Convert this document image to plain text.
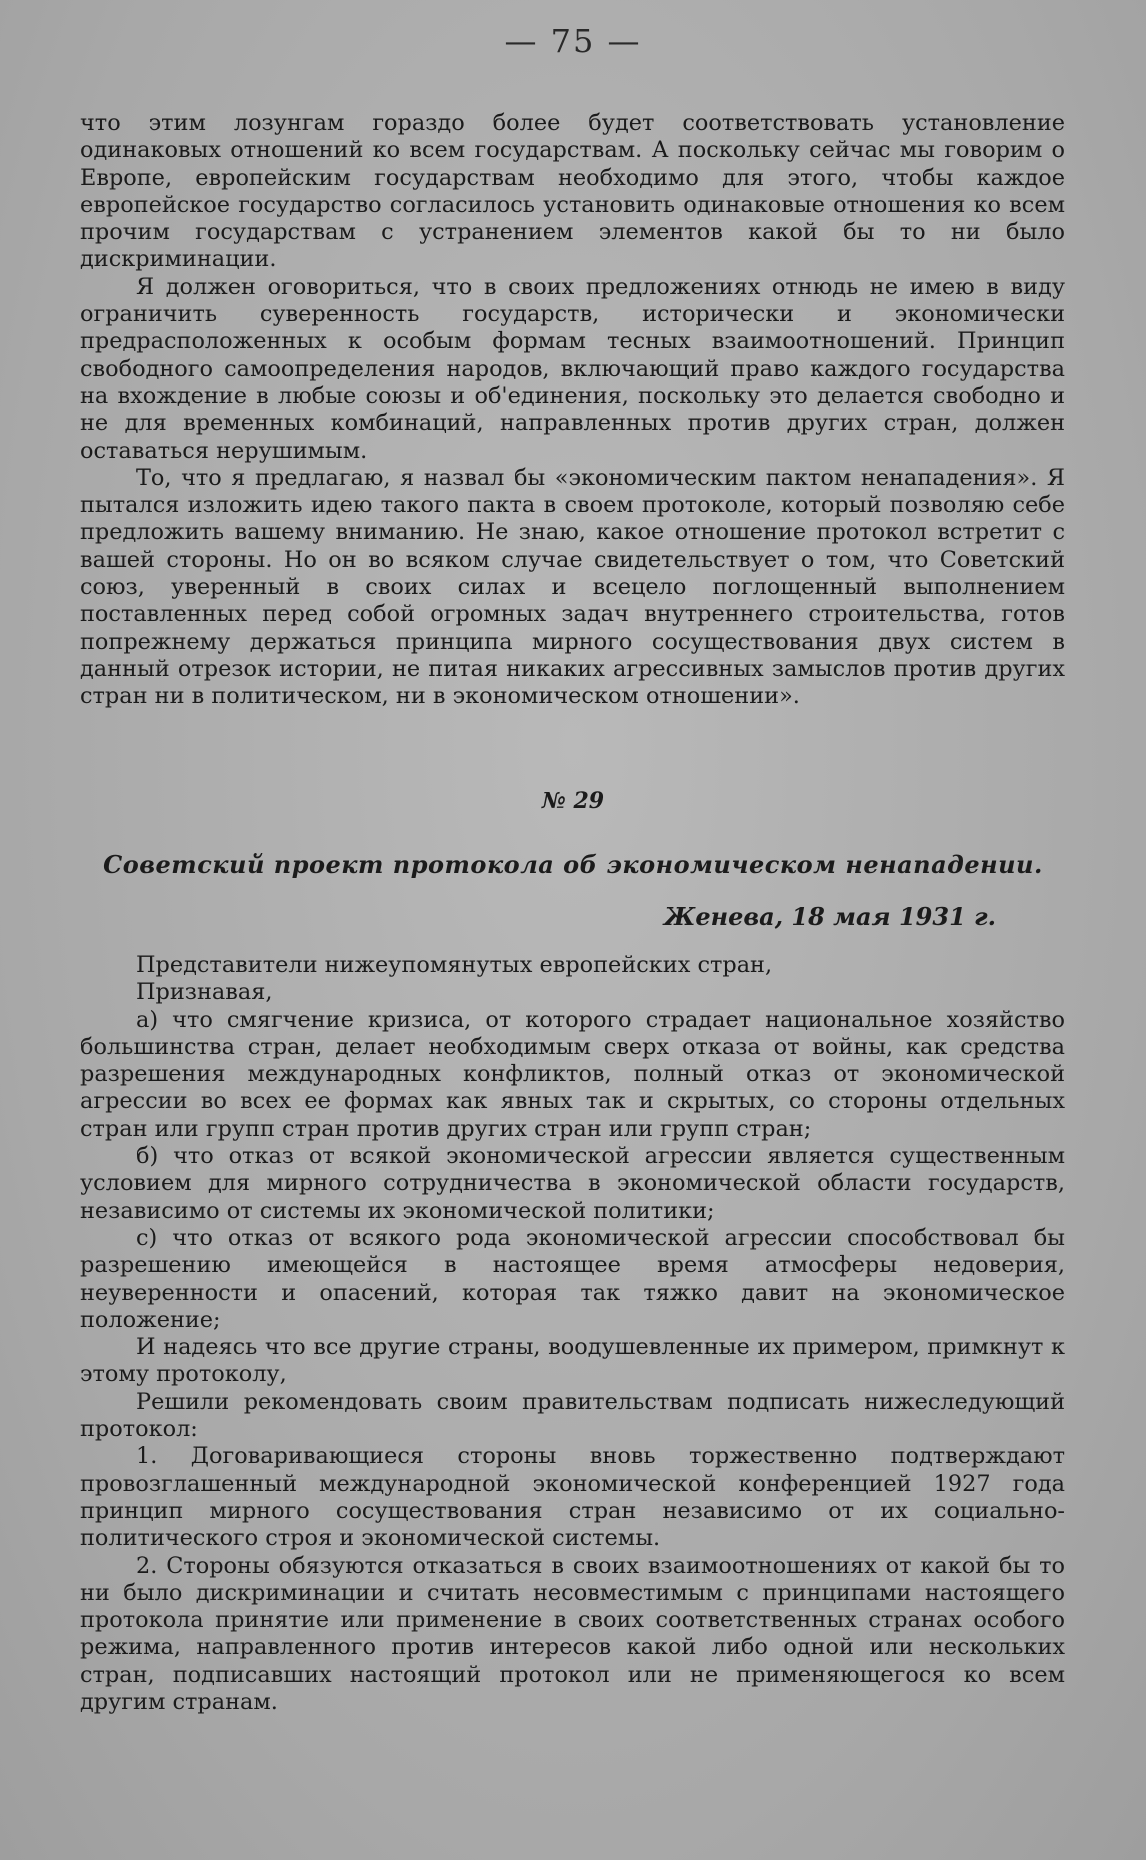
— 75 —

что этим лозунгам гораздо более будет соответствовать установление одинаковых отношений ко всем государствам. А поскольку сейчас мы говорим о Европе, европейским государствам необходимо для этого, чтобы каждое европейское государство согласилось установить одинаковые отношения ко всем прочим государствам с устранением элементов какой бы то ни было дискриминации.

Я должен оговориться, что в своих предложениях отнюдь не имею в виду ограничить суверенность государств, исторически и экономически предрасположенных к особым формам тесных взаимоотношений. Принцип свободного самоопределения народов, включающий право каждого государства на вхождение в любые союзы и об'единения, поскольку это делается свободно и не для временных комбинаций, направленных против других стран, должен оставаться нерушимым.

То, что я предлагаю, я назвал бы «экономическим пактом ненападения». Я пытался изложить идею такого пакта в своем протоколе, который позволяю себе предложить вашему вниманию. Не знаю, какое отношение протокол встретит с вашей стороны. Но он во всяком случае свидетельствует о том, что Советский союз, уверенный в своих силах и всецело поглощенный выполнением поставленных перед собой огромных задач внутреннего строительства, готов попрежнему держаться принципа мирного сосуществования двух систем в данный отрезок истории, не питая никаких агрессивных замыслов против других стран ни в политическом, ни в экономическом отношении».

№ 29
Советский проект протокола об экономическом ненападении.
Женева, 18 мая 1931 г.

Представители нижеупомянутых европейских стран,

Признавая,

а) что смягчение кризиса, от которого страдает национальное хозяйство большинства стран, делает необходимым сверх отказа от войны, как средства разрешения международных конфликтов, полный отказ от экономической агрессии во всех ее формах как явных так и скрытых, со стороны отдельных стран или групп стран против других стран или групп стран;

б) что отказ от всякой экономической агрессии является существенным условием для мирного сотрудничества в экономической области государств, независимо от системы их экономической политики;

с) что отказ от всякого рода экономической агрессии способствовал бы разрешению имеющейся в настоящее время атмосферы недоверия, неуверенности и опасений, которая так тяжко давит на экономическое положение;

И надеясь что все другие страны, воодушевленные их примером, примкнут к этому протоколу,

Решили рекомендовать своим правительствам подписать нижеследующий протокол:

1. Договаривающиеся стороны вновь торжественно подтверждают провозглашенный международной экономической конференцией 1927 года принцип мирного сосуществования стран независимо от их социально-политического строя и экономической системы.

2. Стороны обязуются отказаться в своих взаимоотношениях от какой бы то ни было дискриминации и считать несовместимым с принципами настоящего протокола принятие или применение в своих соответственных странах особого режима, направленного против интересов какой либо одной или нескольких стран, подписавших настоящий протокол или не применяющегося ко всем другим странам.
